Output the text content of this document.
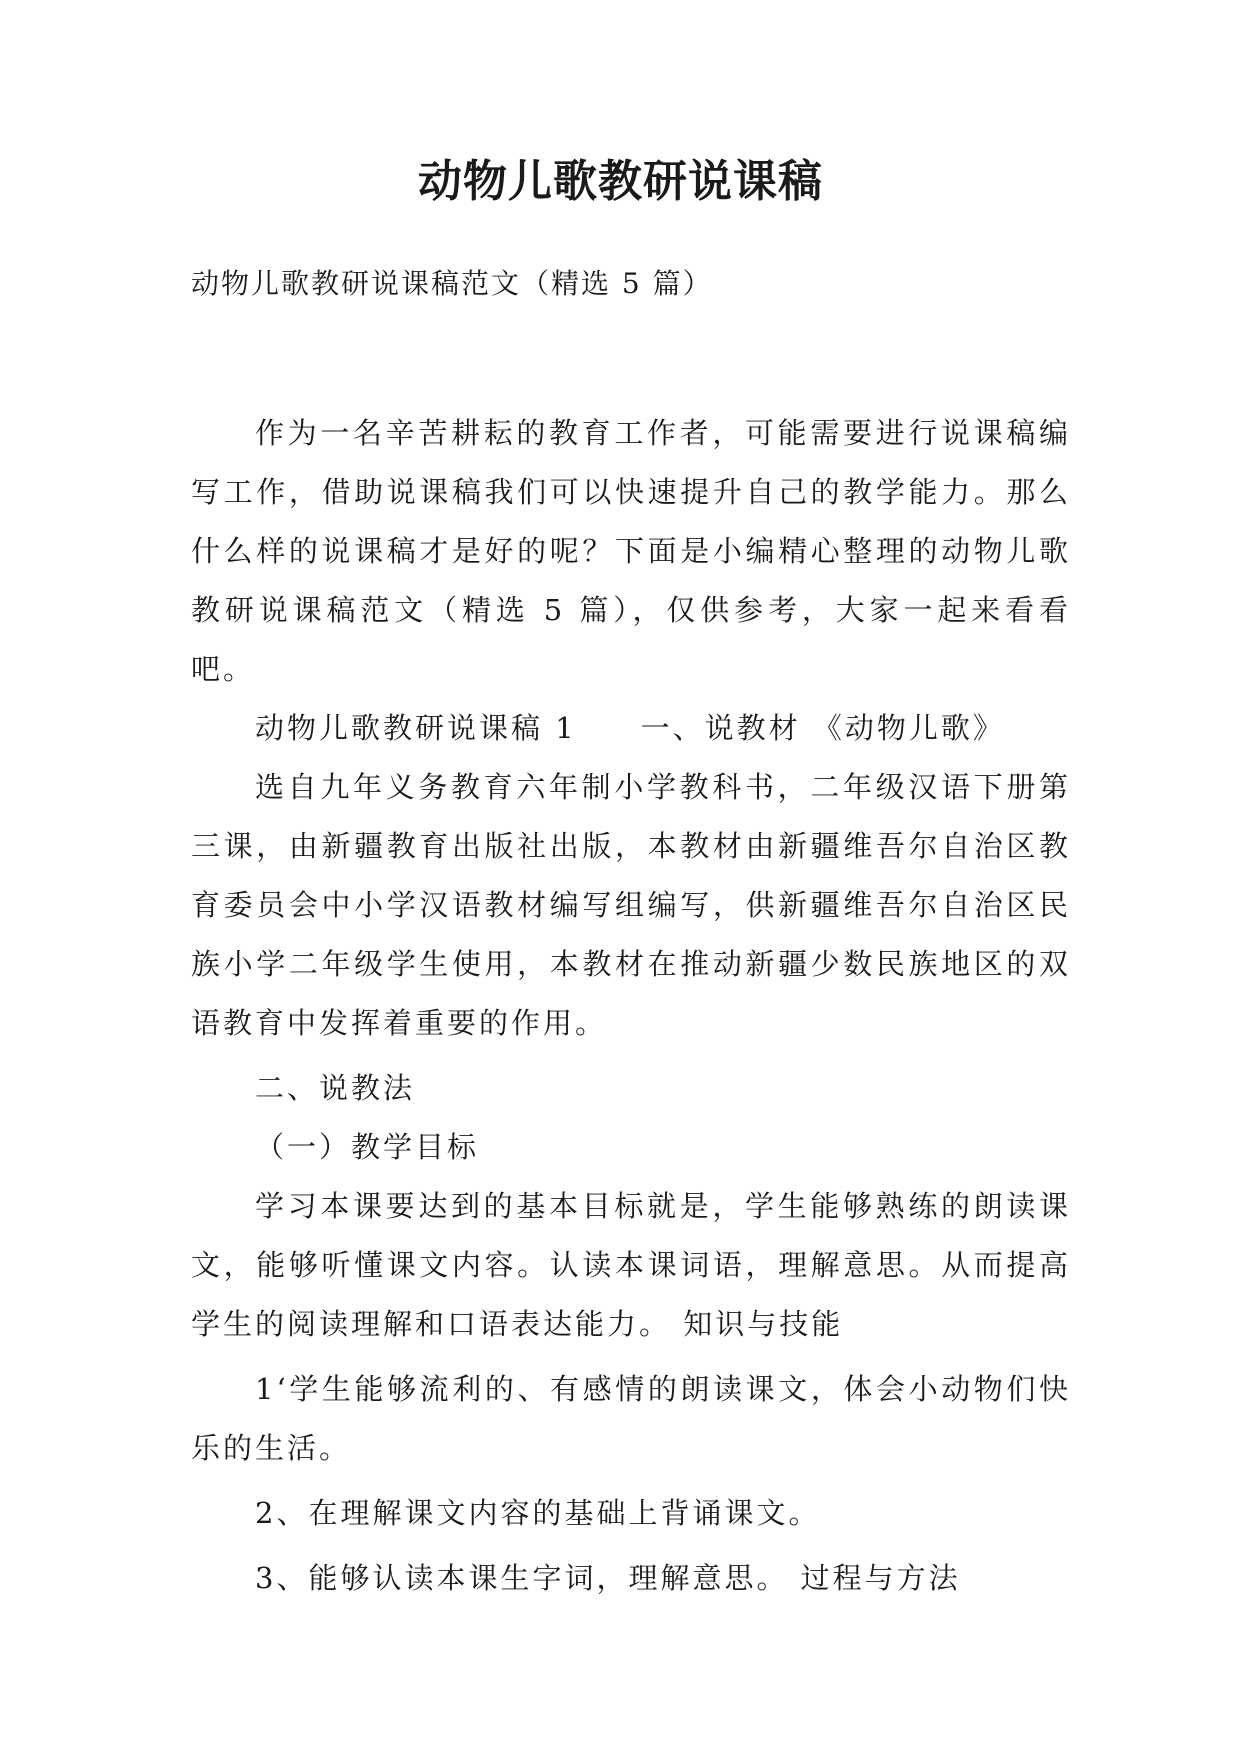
动物儿歌教研说课稿

动物儿歌教研说课稿范文（精选 5 篇）

作为一名辛苦耕耘的教育工作者，可能需要进行说课稿编写工作，借助说课稿我们可以快速提升自己的教学能力。那么什么样的说课稿才是好的呢？下面是小编精心整理的动物儿歌教研说课稿范文（精选 5 篇），仅供参考，大家一起来看看吧。

动物儿歌教研说课稿 1　　一、说教材 《动物儿歌》

选自九年义务教育六年制小学教科书，二年级汉语下册第三课，由新疆教育出版社出版，本教材由新疆维吾尔自治区教育委员会中小学汉语教材编写组编写，供新疆维吾尔自治区民族小学二年级学生使用，本教材在推动新疆少数民族地区的双语教育中发挥着重要的作用。

二、说教法

（一）教学目标

学习本课要达到的基本目标就是，学生能够熟练的朗读课文，能够听懂课文内容。认读本课词语，理解意思。从而提高学生的阅读理解和口语表达能力。 知识与技能

1‘学生能够流利的、有感情的朗读课文，体会小动物们快乐的生活。

2、在理解课文内容的基础上背诵课文。

3、能够认读本课生字词，理解意思。 过程与方法
